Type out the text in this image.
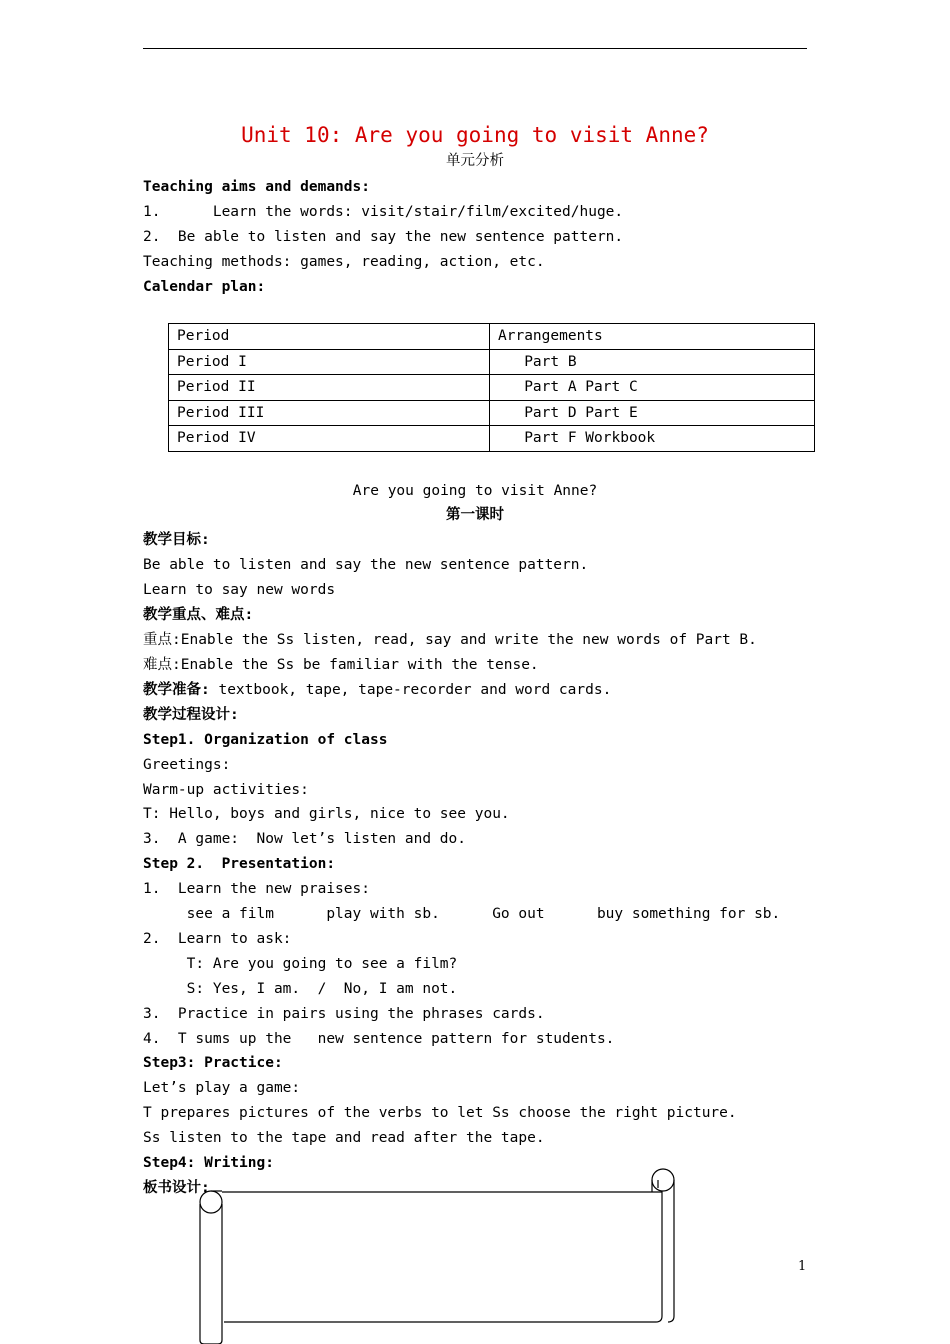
Unit 10: Are you going to visit Anne?
单元分析
Teaching aims and demands:
1.      Learn the words: visit/stair/film/excited/huge.
2.  Be able to listen and say the new sentence pattern.
Teaching methods: games, reading, action, etc.
Calendar plan:
Period	Arrangements
Period I	Part B
Period II	Part A Part C
Period III	Part D Part E
Period IV	Part F Workbook
Are you going to visit Anne?
第一课时
教学目标:
Be able to listen and say the new sentence pattern.
Learn to say new words
教学重点、难点:
重点:Enable the Ss listen, read, say and write the new words of Part B.
难点:Enable the Ss be familiar with the tense.
教学准备: textbook, tape, tape-recorder and word cards.
教学过程设计:
Step1. Organization of class
Greetings:
Warm-up activities:
T: Hello, boys and girls, nice to see you.
3.  A game:  Now let’s listen and do.
Step 2.  Presentation:
1.  Learn the new praises:
see a film      play with sb.      Go out      buy something for sb.
2.  Learn to ask:
T: Are you going to see a film?
S: Yes, I am.  /  No, I am not.
3.  Practice in pairs using the phrases cards.
4.  T sums up the   new sentence pattern for students.
Step3: Practice:
Let’s play a game:
T prepares pictures of the verbs to let Ss choose the right picture.
Ss listen to the tape and read after the tape.
Step4: Writing:
板书设计:
1
